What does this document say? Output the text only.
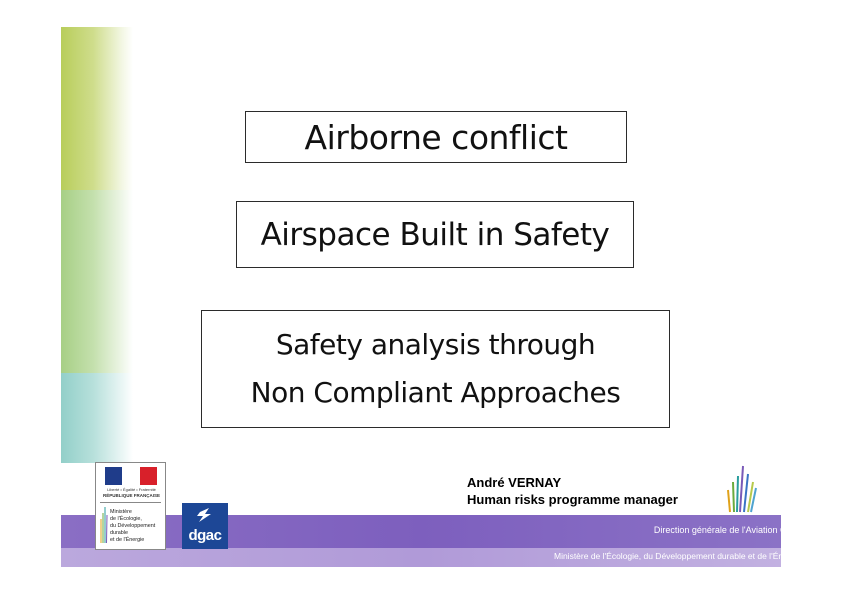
Airborne conflict
Airspace Built in Safety
Safety analysis through
Non Compliant Approaches
André VERNAY
Human risks programme manager
Direction générale de l'Aviation Civile
Ministère de l'Écologie, du Développement durable et de l'Énergie
Liberté • Égalité • Fraternité
RÉPUBLIQUE FRANÇAISE
Ministère
de l'Écologie,
du Développement
durable
et de l'Énergie	dgac
